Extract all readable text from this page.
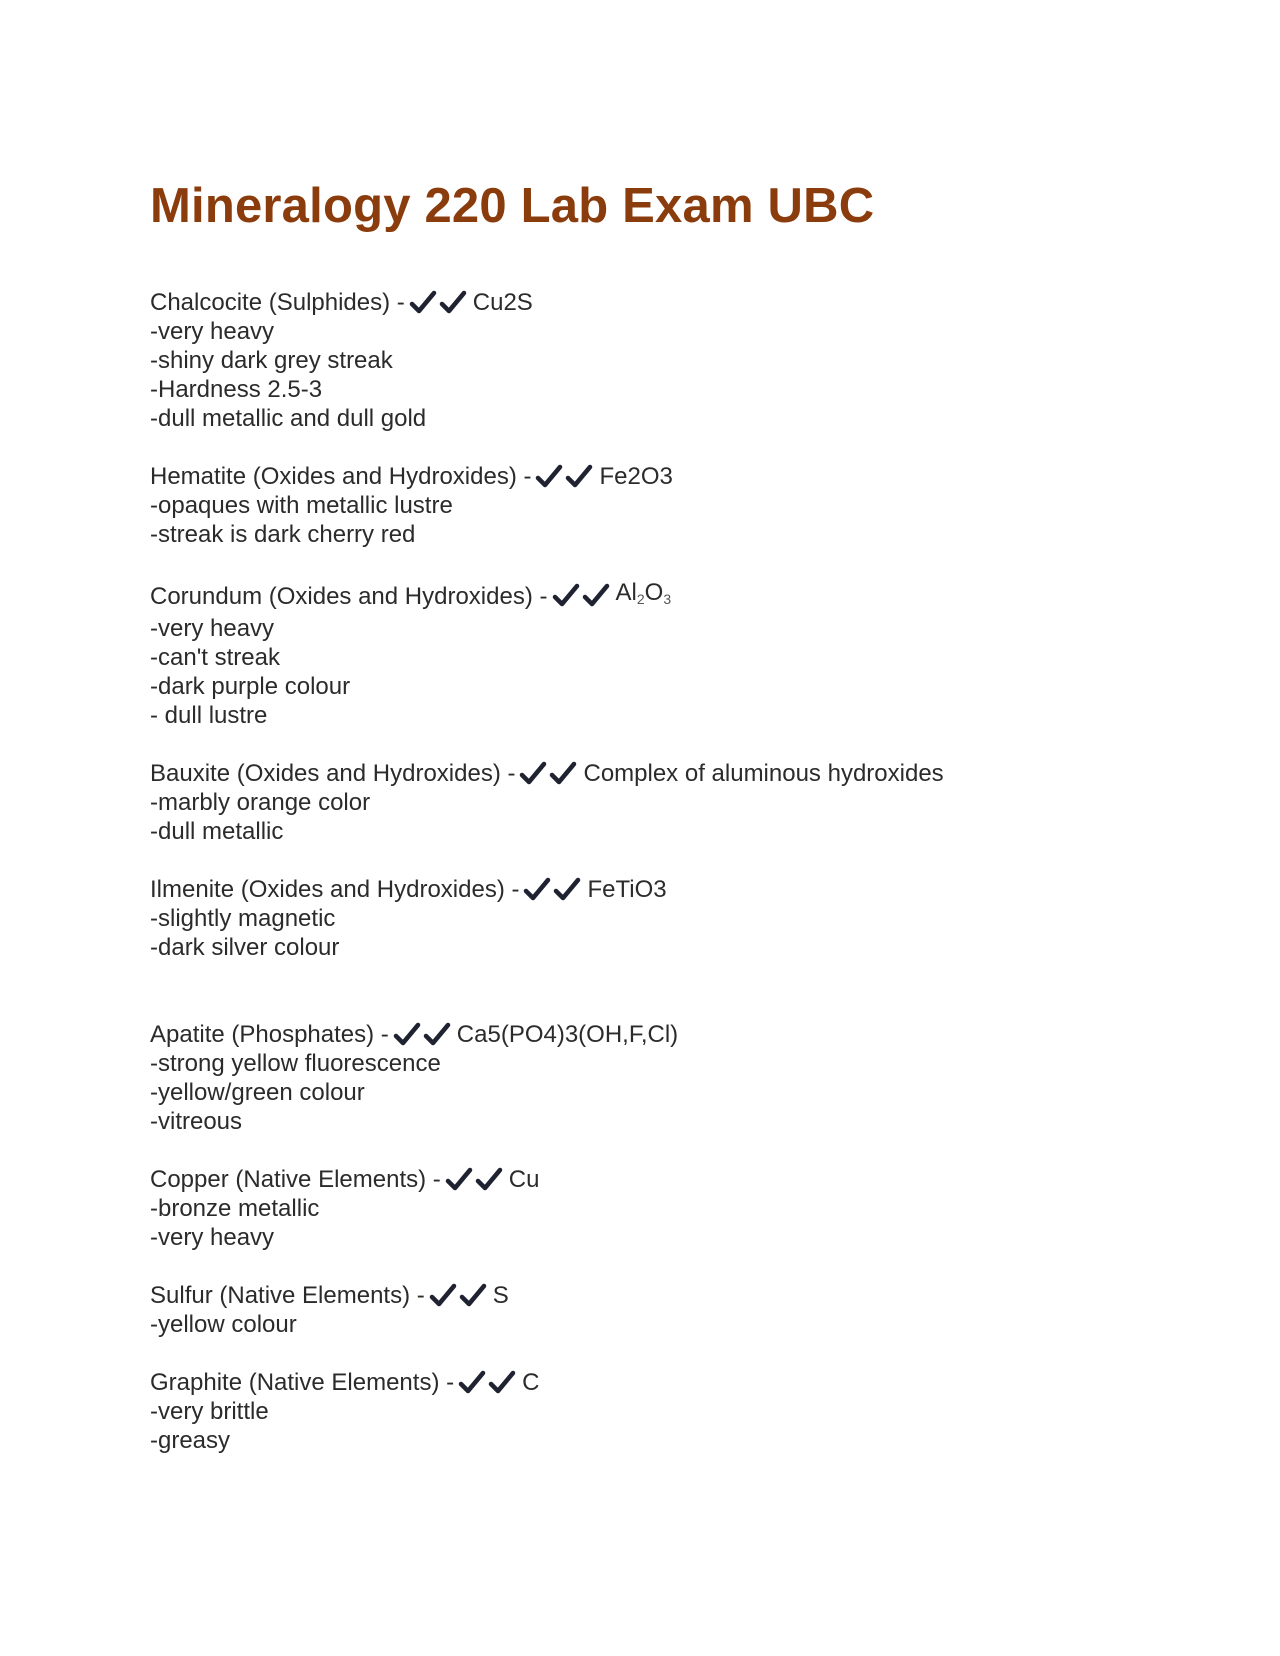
Mineralogy 220 Lab Exam UBC
Chalcocite (Sulphides) -	Cu2S
-very heavy
-shiny dark grey streak
-Hardness 2.5-3
-dull metallic and dull gold
Hematite (Oxides and Hydroxides) -	Fe2O3
-opaques with metallic lustre
-streak is dark cherry red
Corundum (Oxides and Hydroxides) -	$Al_2O_3$
-very heavy
-can't streak
-dark purple colour
- dull lustre
Bauxite (Oxides and Hydroxides) -	Complex of aluminous hydroxides
-marbly orange color
-dull metallic
Ilmenite (Oxides and Hydroxides) -	FeTiO3
-slightly magnetic
-dark silver colour
Apatite (Phosphates) -	Ca5(PO4)3(OH,F,Cl)
-strong yellow fluorescence
-yellow/green colour
-vitreous
Copper (Native Elements) -	Cu
-bronze metallic
-very heavy
Sulfur (Native Elements) -	S
-yellow colour
Graphite (Native Elements) -	C
-very brittle
-greasy
